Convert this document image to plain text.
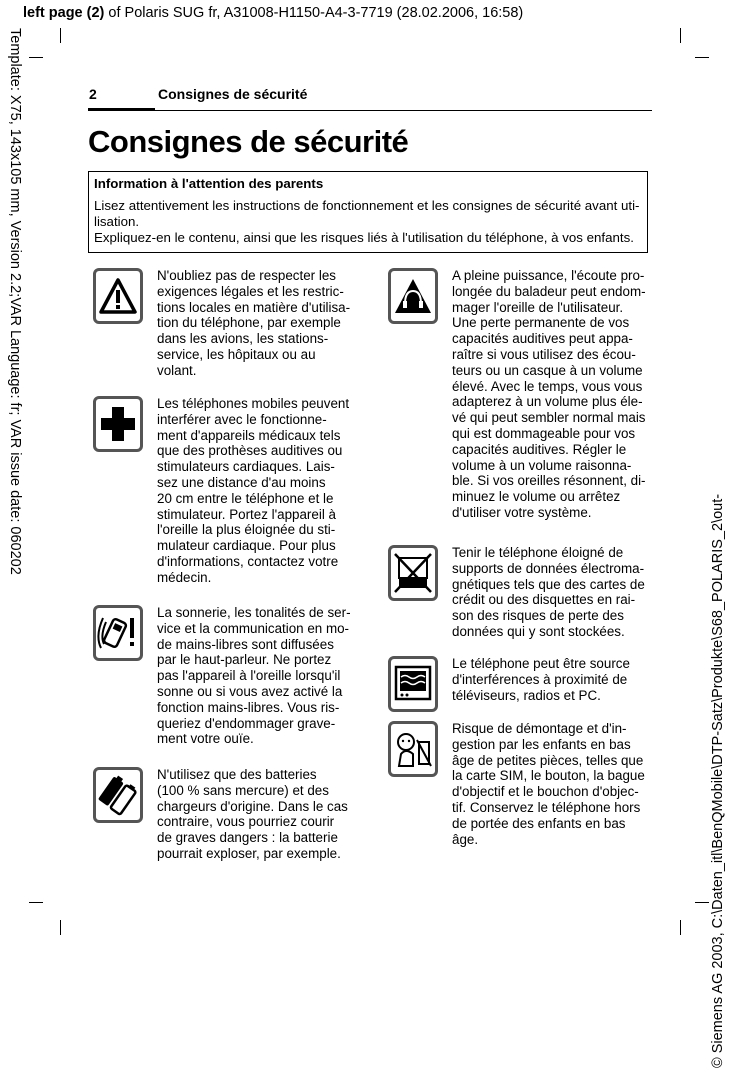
left page (2) of Polaris SUG fr, A31008-H1150-A4-3-7719 (28.02.2006, 16:58)
Template: X75, 143x105 mm, Version 2.2;VAR Language: fr; VAR issue date: 060202
© Siemens AG 2003, C:\Daten_itl\BenQMobile\DTP-Satz\Produkte\S68_POLARIS_2\out-
2	Consignes de sécurité
Consignes de sécurité
Information à l'attention des parents
Lisez attentivement les instructions de fonctionnement et les consignes de sécurité avant uti-
lisation.
Expliquez-en le contenu, ainsi que les risques liés à l'utilisation du téléphone, à vos enfants.
N'oubliez pas de respecter les
exigences légales et les restric-
tions locales en matière d'utilisa-
tion du téléphone, par exemple
dans les avions, les stations-
service, les hôpitaux ou au
volant.
Les téléphones mobiles peuvent
interférer avec le fonctionne-
ment d'appareils médicaux tels
que des prothèses auditives ou
stimulateurs cardiaques. Lais-
sez une distance d'au moins
20 cm entre le téléphone et le
stimulateur. Portez l'appareil à
l'oreille la plus éloignée du sti-
mulateur cardiaque. Pour plus
d'informations, contactez votre
médecin.
La sonnerie, les tonalités de ser-
vice et la communication en mo-
de mains-libres sont diffusées
par le haut-parleur. Ne portez
pas l'appareil à l'oreille lorsqu'il
sonne ou si vous avez activé la
fonction mains-libres. Vous ris-
queriez d'endommager grave-
ment votre ouïe.
N'utilisez que des batteries
(100 % sans mercure) et des
chargeurs d'origine. Dans le cas
contraire, vous pourriez courir
de graves dangers : la batterie
pourrait exploser, par exemple.
A pleine puissance, l'écoute pro-
longée du baladeur peut endom-
mager l'oreille de l'utilisateur.
Une perte permanente de vos
capacités auditives peut appa-
raître si vous utilisez des écou-
teurs ou un casque à un volume
élevé. Avec le temps, vous vous
adapterez à un volume plus éle-
vé qui peut sembler normal mais
qui est dommageable pour vos
capacités auditives. Régler le
volume à un volume raisonna-
ble. Si vos oreilles résonnent, di-
minuez le volume ou arrêtez
d'utiliser votre système.
Tenir le téléphone éloigné de
supports de données électroma-
gnétiques tels que des cartes de
crédit ou des disquettes en rai-
son des risques de perte des
données qui y sont stockées.
Le téléphone peut être source
d'interférences à proximité de
téléviseurs, radios et PC.
Risque de démontage et d'in-
gestion par les enfants en bas
âge de petites pièces, telles que
la carte SIM, le bouton, la bague
d'objectif et le bouchon d'objec-
tif. Conservez le téléphone hors
de portée des enfants en bas
âge.
